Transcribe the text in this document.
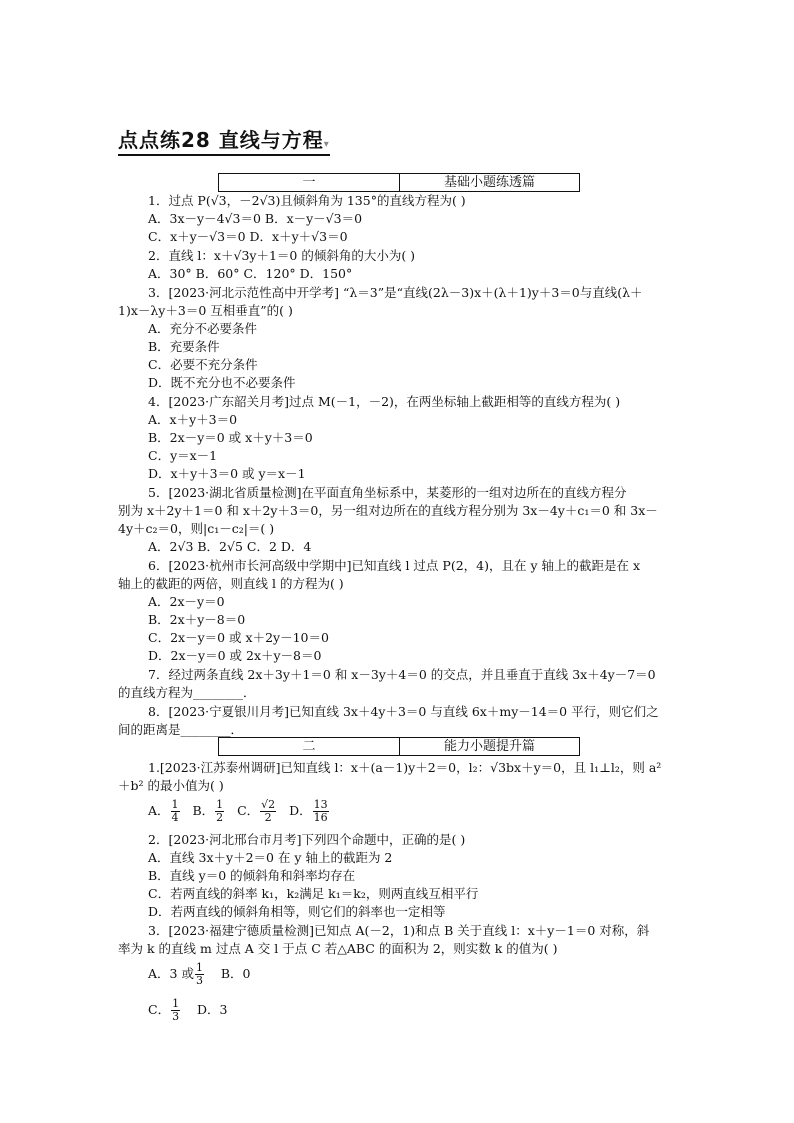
点点练28 直线与方程▾
一	基础小题练透篇
1．过点 P(√3，－2√3)且倾斜角为 135°的直线方程为( )
A．3x－y－4√3＝0 B．x－y－√3＝0
C．x＋y－√3＝0 D．x＋y＋√3＝0
2．直线 l：x＋√3y＋1＝0 的倾斜角的大小为( )
A．30° B．60° C．120° D．150°
3．[2023·河北示范性高中开学考] “λ＝3”是“直线(2λ－3)x＋(λ＋1)y＋3＝0与直线(λ＋
1)x－λy＋3＝0 互相垂直”的( )
A．充分不必要条件
B．充要条件
C．必要不充分条件
D．既不充分也不必要条件
4．[2023·广东韶关月考]过点 M(－1，－2)，在两坐标轴上截距相等的直线方程为( )
A．x＋y＋3＝0
B．2x－y＝0 或 x＋y＋3＝0
C．y＝x－1
D．x＋y＋3＝0 或 y＝x－1
5．[2023·湖北省质量检测]在平面直角坐标系中，某菱形的一组对边所在的直线方程分
别为 x＋2y＋1＝0 和 x＋2y＋3＝0，另一组对边所在的直线方程分别为 3x－4y＋c₁＝0 和 3x－
4y＋c₂＝0，则|c₁－c₂|＝( )
A．2√3 B．2√5 C．2 D．4
6．[2023·杭州市长河高级中学期中]已知直线 l 过点 P(2，4)，且在 y 轴上的截距是在 x
轴上的截距的两倍，则直线 l 的方程为( )
A．2x－y＝0
B．2x＋y－8＝0
C．2x－y＝0 或 x＋2y－10＝0
D．2x－y＝0 或 2x＋y－8＝0
7．经过两条直线 2x＋3y＋1＝0 和 x－3y＋4＝0 的交点，并且垂直于直线 3x＋4y－7＝0
的直线方程为________．
8．[2023·宁夏银川月考]已知直线 3x＋4y＋3＝0 与直线 6x＋my－14＝0 平行，则它们之
间的距离是________．
二	能力小题提升篇
1.[2023·江苏泰州调研]已知直线 l：x＋(a－1)y＋2＝0，l₂：√3bx＋y＝0，且 l₁⊥l₂，则 a²
＋b² 的最小值为( )
A． $\frac{1}{4}$ B． $\frac{1}{2}$ C． $\frac{√2}{2}$ D． $\frac{13}{16}$
2．[2023·河北邢台市月考]下列四个命题中，正确的是( )
A．直线 3x＋y＋2＝0 在 y 轴上的截距为 2
B．直线 y＝0 的倾斜角和斜率均存在
C．若两直线的斜率 k₁，k₂满足 k₁＝k₂，则两直线互相平行
D．若两直线的倾斜角相等，则它们的斜率也一定相等
3．[2023·福建宁德质量检测]已知点 A(－2，1)和点 B 关于直线 l：x＋y－1＝0 对称，斜
率为 k 的直线 m 过点 A 交 l 于点 C 若△ABC 的面积为 2，则实数 k 的值为( )
A．3 或 $\frac{1}{3}$ B．0
C． $\frac{1}{3}$ D．3
